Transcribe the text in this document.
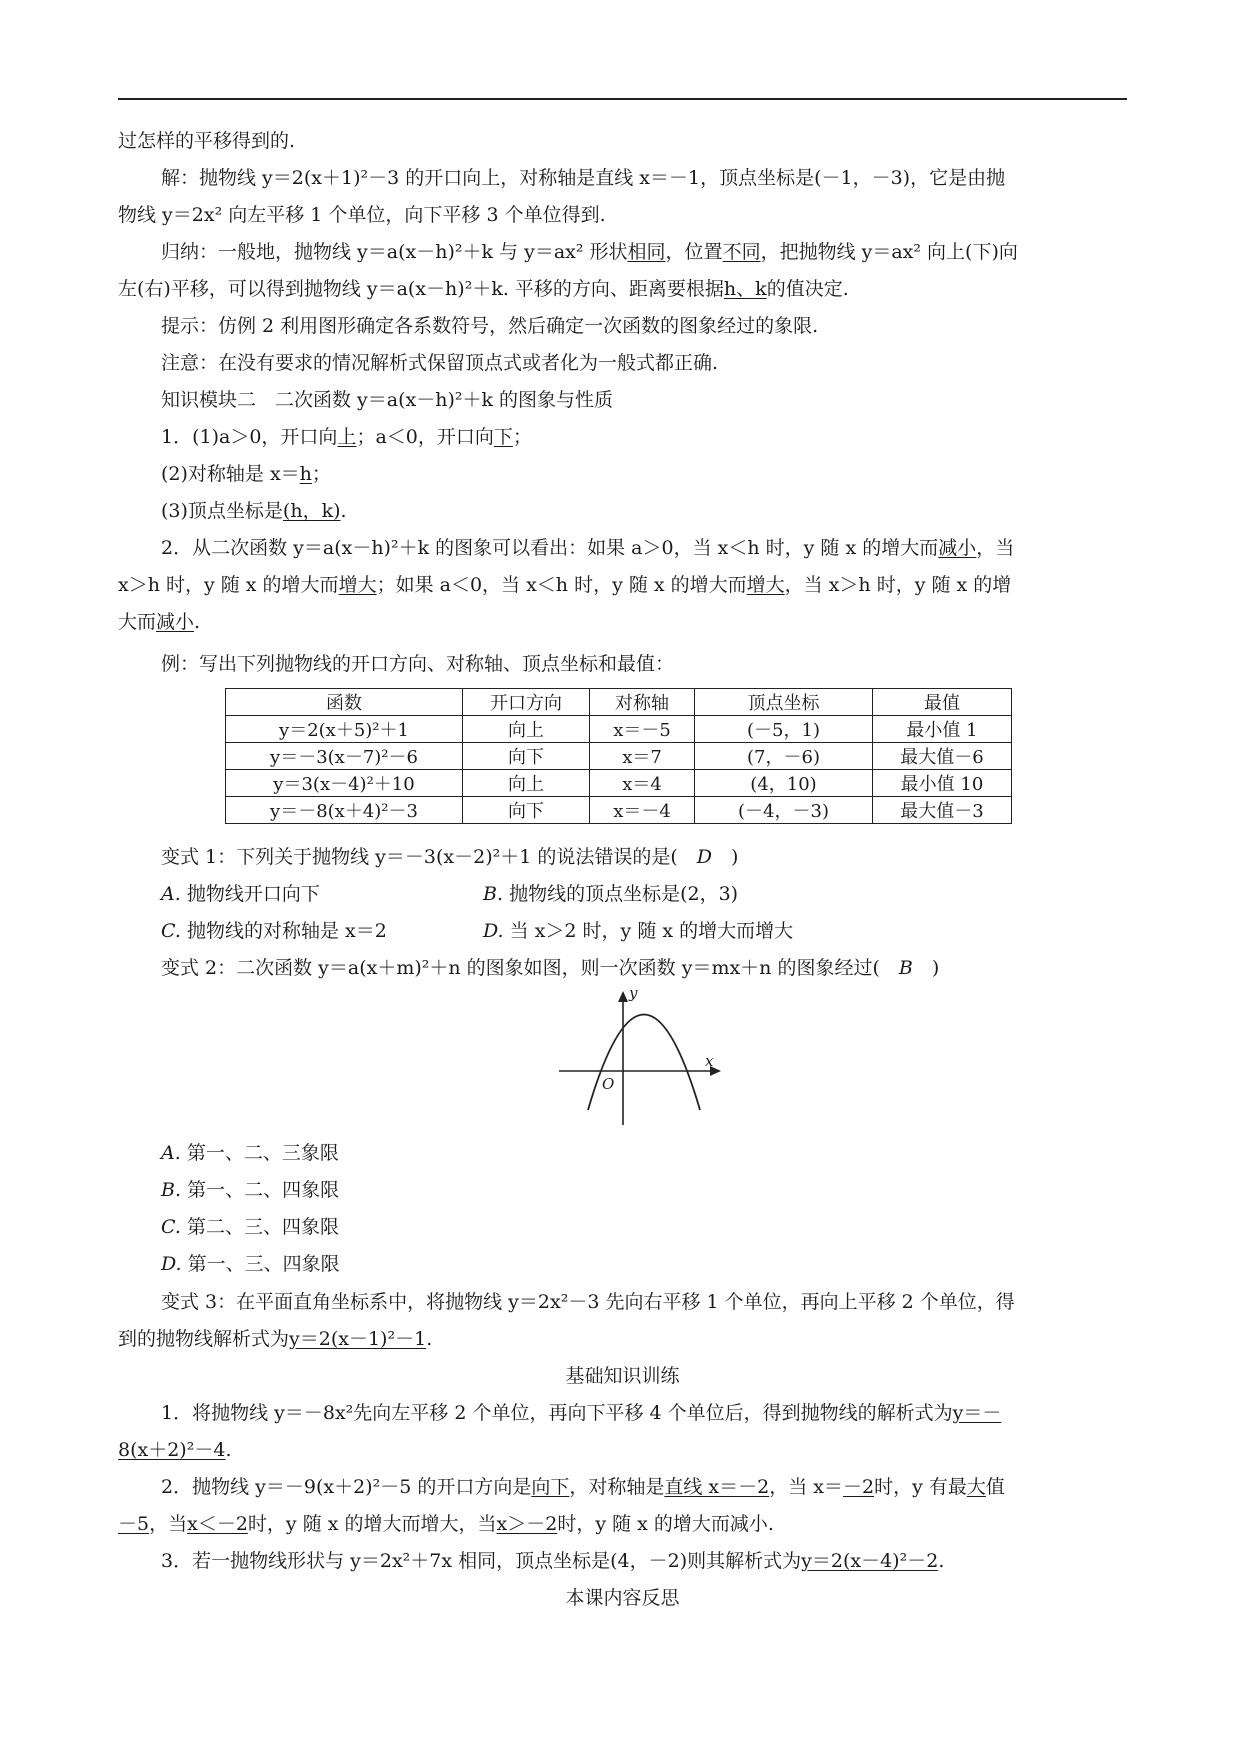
过怎样的平移得到的.
解：抛物线 y＝2(x＋1)²－3 的开口向上，对称轴是直线 x＝－1，顶点坐标是(－1，－3)，它是由抛
物线 y＝2x² 向左平移 1 个单位，向下平移 3 个单位得到.
归纳：一般地，抛物线 y＝a(x－h)²＋k 与 y＝ax² 形状相同，位置不同，把抛物线 y＝ax² 向上(下)向
左(右)平移，可以得到抛物线 y＝a(x－h)²＋k. 平移的方向、距离要根据h、k的值决定.
提示：仿例 2 利用图形确定各系数符号，然后确定一次函数的图象经过的象限.
注意：在没有要求的情况解析式保留顶点式或者化为一般式都正确.
知识模块二　二次函数 y＝a(x－h)²＋k 的图象与性质
1．(1)a＞0，开口向上；a＜0，开口向下；
(2)对称轴是 x＝h；
(3)顶点坐标是(h，k).
2．从二次函数 y＝a(x－h)²＋k 的图象可以看出：如果 a＞0，当 x＜h 时，y 随 x 的增大而减小，当
x＞h 时，y 随 x 的增大而增大；如果 a＜0，当 x＜h 时，y 随 x 的增大而增大，当 x＞h 时，y 随 x 的增
大而减小.
例：写出下列抛物线的开口方向、对称轴、顶点坐标和最值：
函数	开口方向	对称轴	顶点坐标	最值
y＝2(x＋5)²＋1	向上	x＝－5	(－5，1)	最小值 1
y＝－3(x－7)²－6	向下	x＝7	(7，－6)	最大值－6
y＝3(x－4)²＋10	向上	x＝4	(4，10)	最小值 10
y＝－8(x＋4)²－3	向下	x＝－4	(－4，－3)	最大值－3
变式 1：下列关于抛物线 y＝－3(x－2)²＋1 的说法错误的是(　D　)
A. 抛物线开口向下	B. 抛物线的顶点坐标是(2，3)
C. 抛物线的对称轴是 x＝2	D. 当 x＞2 时，y 随 x 的增大而增大
变式 2：二次函数 y＝a(x＋m)²＋n 的图象如图，则一次函数 y＝mx＋n 的图象经过(　B　)
y
x
O
A. 第一、二、三象限
B. 第一、二、四象限
C. 第二、三、四象限
D. 第一、三、四象限
变式 3：在平面直角坐标系中，将抛物线 y＝2x²－3 先向右平移 1 个单位，再向上平移 2 个单位，得
到的抛物线解析式为y＝2(x－1)²－1.
基础知识训练
1．将抛物线 y＝－8x²先向左平移 2 个单位，再向下平移 4 个单位后，得到抛物线的解析式为y＝－
8(x＋2)²－4.
2．抛物线 y＝－9(x＋2)²－5 的开口方向是向下，对称轴是直线 x＝－2，当 x＝－2时，y 有最大值
－5，当x＜－2时，y 随 x 的增大而增大，当x＞－2时，y 随 x 的增大而减小.
3．若一抛物线形状与 y＝2x²＋7x 相同，顶点坐标是(4，－2)则其解析式为y＝2(x－4)²－2.
本课内容反思
